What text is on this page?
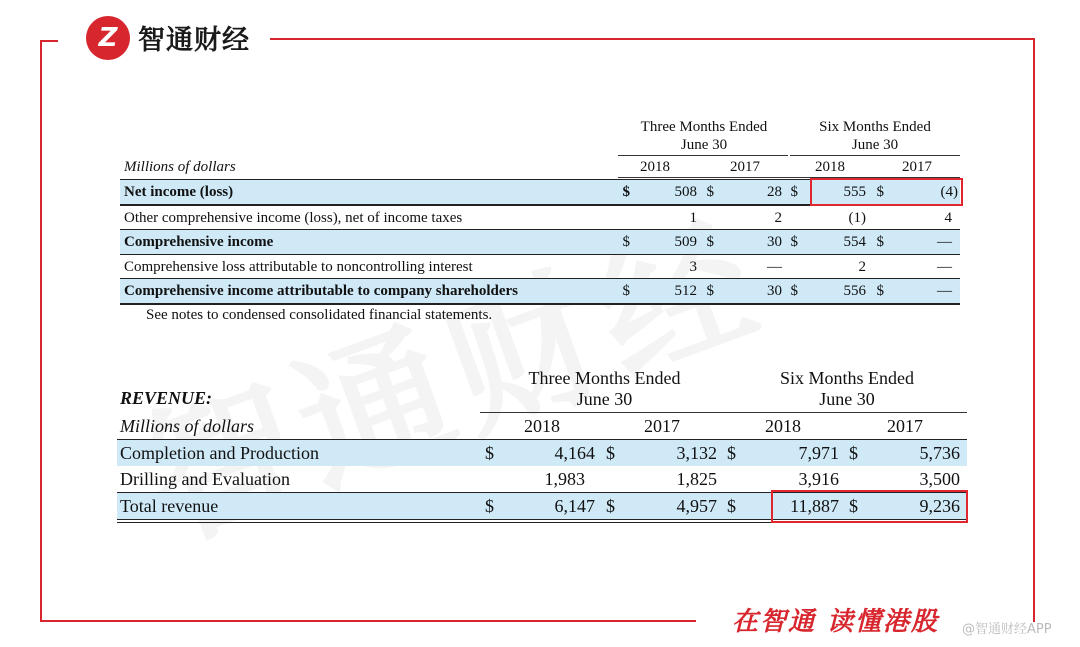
Z 智通财经
Three Months Ended
June 30
Six Months Ended
June 30
Millions of dollars	2018	2017	2018	2017
Net income (loss)	$	508 $	28 $	555 $	(4)
Other comprehensive income (loss), net of income taxes	1	2	(1)	4
Comprehensive income	$	509 $	30 $	554 $	—
Comprehensive loss attributable to noncontrolling interest	3	—	2	—
Comprehensive income attributable to company shareholders	$	512 $	30 $	556 $	—
See notes to condensed consolidated financial statements.
Three Months Ended
June 30
Six Months Ended
June 30
REVENUE:
Millions of dollars	2018	2017	2018	2017
Completion and Production	$	4,164 $	3,132 $	7,971 $	5,736
Drilling and Evaluation	1,983	1,825	3,916	3,500
Total revenue	$	6,147 $	4,957 $	11,887 $	9,236
在智通 读懂港股 @智通财经APP
